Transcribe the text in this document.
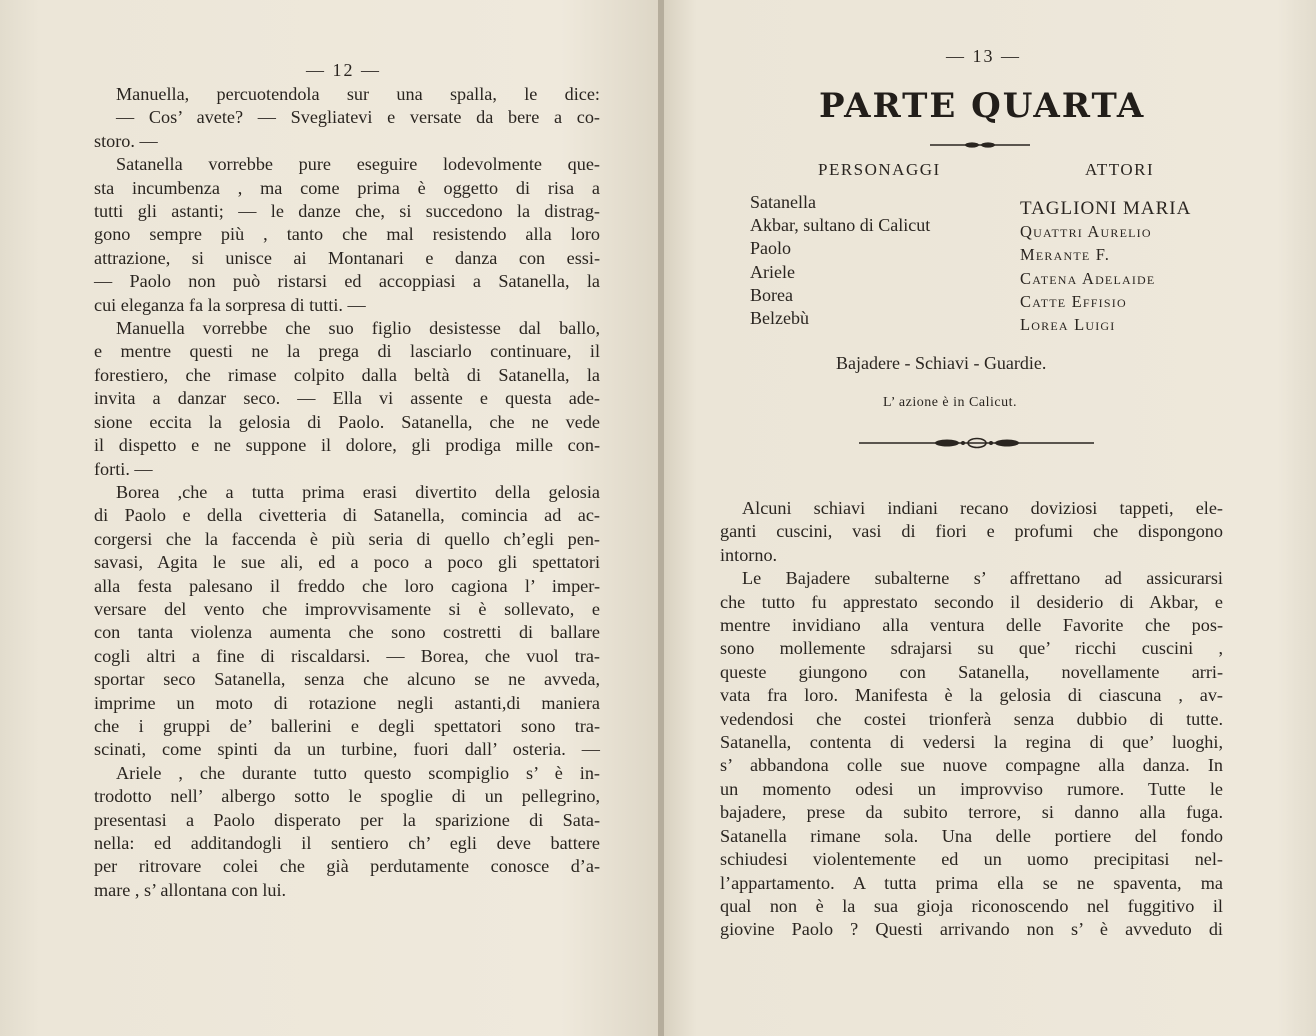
— 12 —
Manuella, percuotendola sur una spalla, le dice:
— Cos’ avete? — Svegliatevi e versate da bere a co-
storo. —
Satanella vorrebbe pure eseguire lodevolmente que-
sta incumbenza , ma come prima è oggetto di risa a
tutti gli astanti; — le danze che, si succedono la distrag-
gono sempre più , tanto che mal resistendo alla loro
attrazione, si unisce ai Montanari e danza con essi-
— Paolo non può ristarsi ed accoppiasi a Satanella, la
cui eleganza fa la sorpresa di tutti. —
Manuella vorrebbe che suo figlio desistesse dal ballo,
e mentre questi ne la prega di lasciarlo continuare, il
forestiero, che rimase colpito dalla beltà di Satanella, la
invita a danzar seco. — Ella vi assente e questa ade-
sione eccita la gelosia di Paolo. Satanella, che ne vede
il dispetto e ne suppone il dolore, gli prodiga mille con-
forti. —
Borea ,che a tutta prima erasi divertito della gelosia
di Paolo e della civetteria di Satanella, comincia ad ac-
corgersi che la faccenda è più seria di quello ch’egli pen-
savasi, Agita le sue ali, ed a poco a poco gli spettatori
alla festa palesano il freddo che loro cagiona l’ imper-
versare del vento che improvvisamente si è sollevato, e
con tanta violenza aumenta che sono costretti di ballare
cogli altri a fine di riscaldarsi. — Borea, che vuol tra-
sportar seco Satanella, senza che alcuno se ne avveda,
imprime un moto di rotazione negli astanti,di maniera
che i gruppi de’ ballerini e degli spettatori sono tra-
scinati, come spinti da un turbine, fuori dall’ osteria. —
Ariele , che durante tutto questo scompiglio s’ è in-
trodotto nell’ albergo sotto le spoglie di un pellegrino,
presentasi a Paolo disperato per la sparizione di Sata-
nella: ed additandogli il sentiero ch’ egli deve battere
per ritrovare colei che già perdutamente conosce d’a-
mare , s’ allontana con lui.
— 13 —
PARTE QUARTA
PERSONAGGI	ATTORI
Satanella
Akbar, sultano di Calicut
Paolo
Ariele
Borea
Belzebù
TAGLIONI MARIA
Quattri Aurelio
Merante F.
Catena Adelaide
Catte Effisio
Lorea Luigi
Bajadere - Schiavi - Guardie.
L’ azione è in Calicut.
Alcuni schiavi indiani recano doviziosi tappeti, ele-
ganti cuscini, vasi di fiori e profumi che dispongono
intorno.
Le Bajadere subalterne s’ affrettano ad assicurarsi
che tutto fu apprestato secondo il desiderio di Akbar, e
mentre invidiano alla ventura delle Favorite che pos-
sono mollemente sdrajarsi su que’ ricchi cuscini ,
queste giungono con Satanella, novellamente arri-
vata fra loro. Manifesta è la gelosia di ciascuna , av-
vedendosi che costei trionferà senza dubbio di tutte.
Satanella, contenta di vedersi la regina di que’ luoghi,
s’ abbandona colle sue nuove compagne alla danza. In
un momento odesi un improvviso rumore. Tutte le
bajadere, prese da subito terrore, si danno alla fuga.
Satanella rimane sola. Una delle portiere del fondo
schiudesi violentemente ed un uomo precipitasi nel-
l’appartamento. A tutta prima ella se ne spaventa, ma
qual non è la sua gioja riconoscendo nel fuggitivo il
giovine Paolo ? Questi arrivando non s’ è avveduto di
